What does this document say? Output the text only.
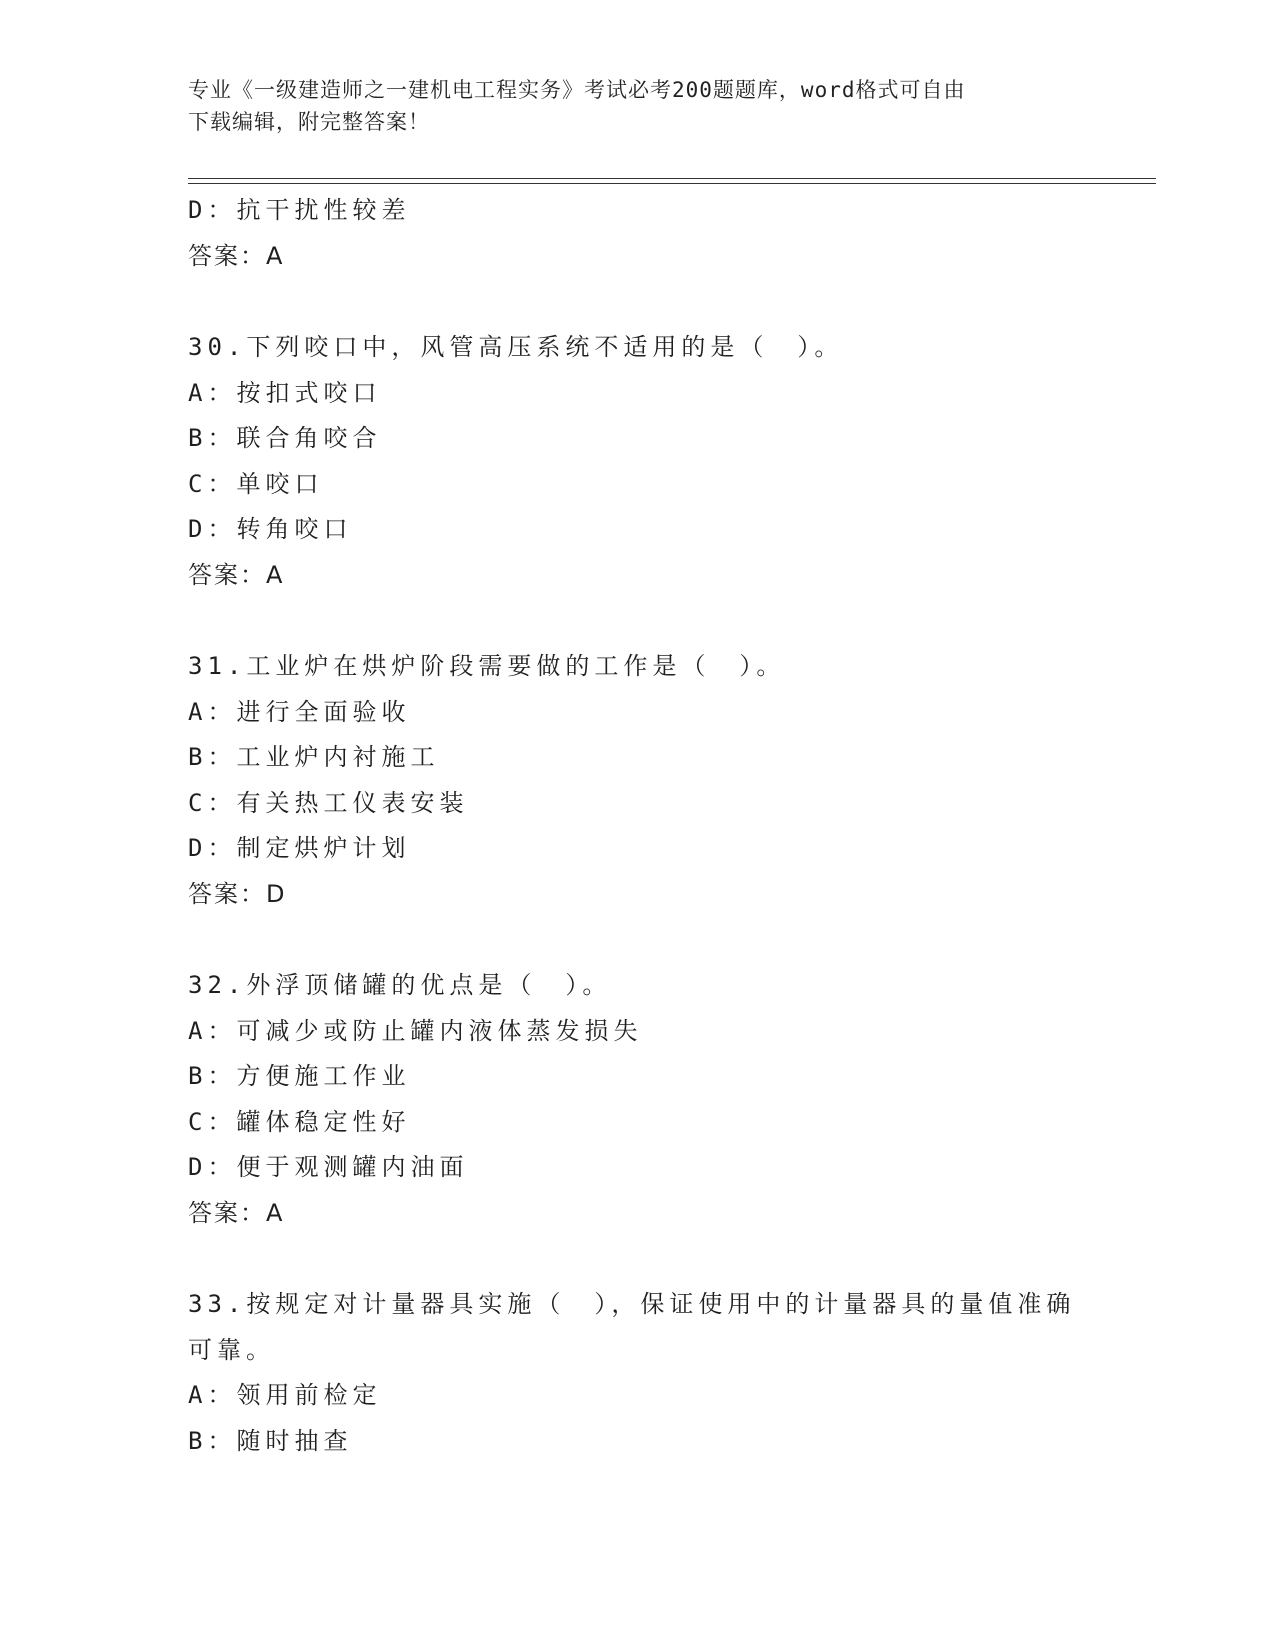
专业《一级建造师之一建机电工程实务》考试必考200题题库，word格式可自由
下载编辑，附完整答案！
D：抗干扰性较差
答案：A
30.下列咬口中，风管高压系统不适用的是（　）。
A：按扣式咬口
B：联合角咬合
C：单咬口
D：转角咬口
答案：A
31.工业炉在烘炉阶段需要做的工作是（　）。
A：进行全面验收
B：工业炉内衬施工
C：有关热工仪表安装
D：制定烘炉计划
答案：D
32.外浮顶储罐的优点是（　）。
A：可减少或防止罐内液体蒸发损失
B：方便施工作业
C：罐体稳定性好
D：便于观测罐内油面
答案：A
33.按规定对计量器具实施（　），保证使用中的计量器具的量值准确
可靠。
A：领用前检定
B：随时抽查
